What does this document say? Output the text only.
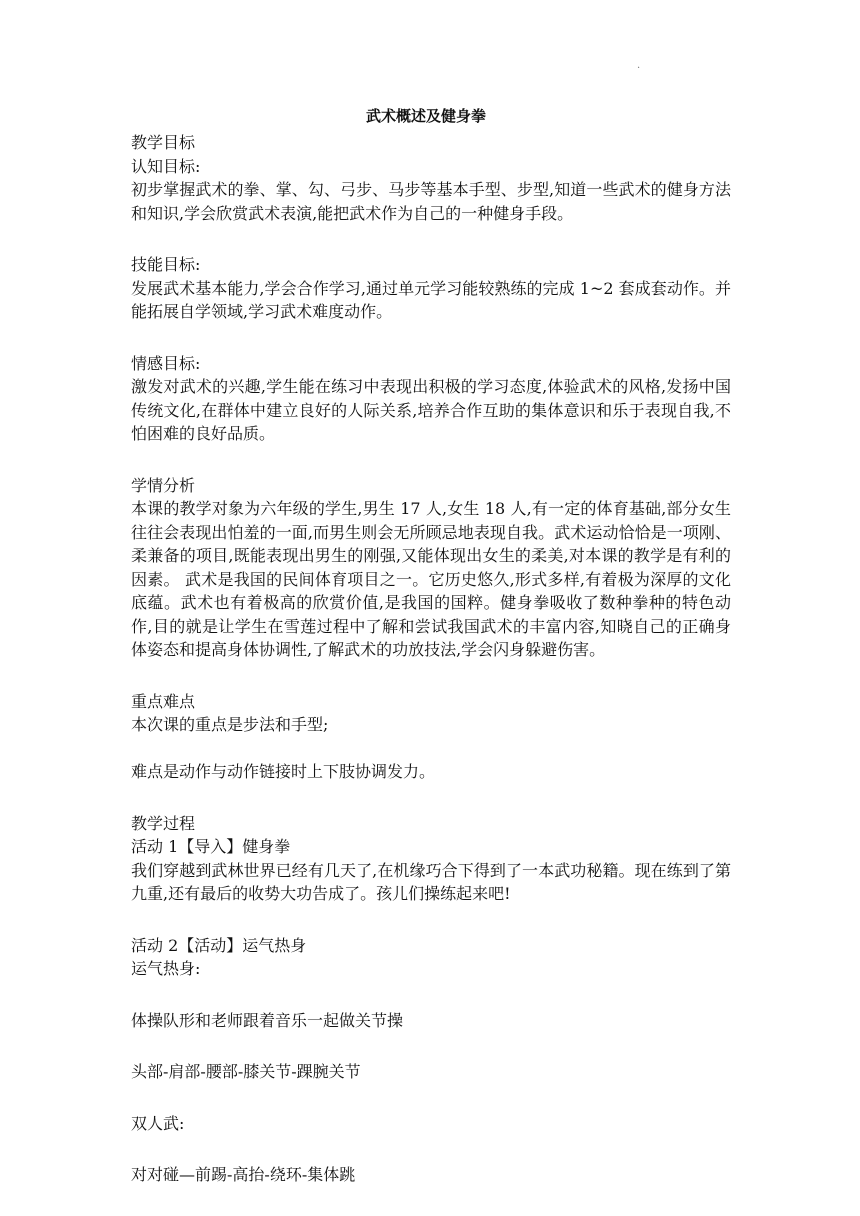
.
武术概述及健身拳
教学目标
认知目标:
初步掌握武术的拳、掌、勾、弓步、马步等基本手型、步型,知道一些武术的健身方法和知识,学会欣赏武术表演,能把武术作为自己的一种健身手段。
技能目标:
发展武术基本能力,学会合作学习,通过单元学习能较熟练的完成 1~2 套成套动作。并能拓展自学领域,学习武术难度动作。
情感目标:
激发对武术的兴趣,学生能在练习中表现出积极的学习态度,体验武术的风格,发扬中国传统文化,在群体中建立良好的人际关系,培养合作互助的集体意识和乐于表现自我,不怕困难的良好品质。
学情分析
本课的教学对象为六年级的学生,男生 17 人,女生 18 人,有一定的体育基础,部分女生往往会表现出怕羞的一面,而男生则会无所顾忌地表现自我。武术运动恰恰是一项刚、柔兼备的项目,既能表现出男生的刚强,又能体现出女生的柔美,对本课的教学是有利的因素。 武术是我国的民间体育项目之一。它历史悠久,形式多样,有着极为深厚的文化底蕴。武术也有着极高的欣赏价值,是我国的国粹。健身拳吸收了数种拳种的特色动作,目的就是让学生在雪莲过程中了解和尝试我国武术的丰富内容,知晓自己的正确身体姿态和提高身体协调性,了解武术的功放技法,学会闪身躲避伤害。
重点难点
本次课的重点是步法和手型;
难点是动作与动作链接时上下肢协调发力。
教学过程
活动 1【导入】健身拳
我们穿越到武林世界已经有几天了,在机缘巧合下得到了一本武功秘籍。现在练到了第九重,还有最后的收势大功告成了。孩儿们操练起来吧!
活动 2【活动】运气热身
运气热身:
体操队形和老师跟着音乐一起做关节操
头部-肩部-腰部-膝关节-踝腕关节
双人武:
对对碰—前踢-高抬-绕环-集体跳
